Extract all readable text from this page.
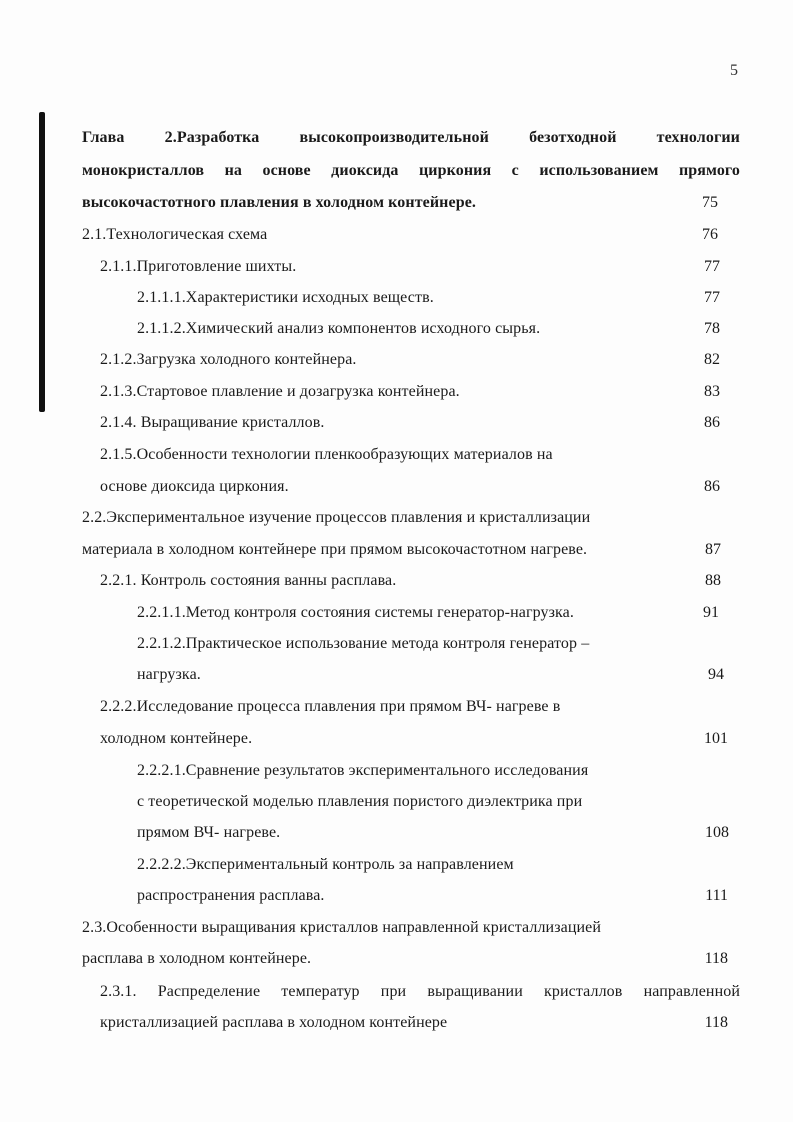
5
Глава 2.Разработка высокопроизводительной безотходной технологии
монокристаллов на основе диоксида циркония с использованием прямого
высокочастотного плавления в холодном контейнере.	75
2.1.Технологическая схема	76
2.1.1.Приготовление шихты.	77
2.1.1.1.Характеристики исходных веществ.	77
2.1.1.2.Химический анализ компонентов исходного сырья.	78
2.1.2.Загрузка холодного контейнера.	82
2.1.3.Стартовое плавление и дозагрузка контейнера.	83
2.1.4. Выращивание кристаллов.	86
2.1.5.Особенности технологии пленкообразующих материалов на
основе диоксида циркония.	86
2.2.Экспериментальное изучение процессов плавления и кристаллизации
материала в холодном контейнере при прямом высокочастотном нагреве.	87
2.2.1. Контроль состояния ванны расплава.	88
2.2.1.1.Метод контроля состояния системы генератор-нагрузка.	91
2.2.1.2.Практическое использование метода контроля генератор –
нагрузка.	94
2.2.2.Исследование процесса плавления при прямом ВЧ- нагреве в
холодном контейнере.	101
2.2.2.1.Сравнение результатов экспериментального исследования
с теоретической моделью плавления пористого диэлектрика при
прямом ВЧ- нагреве.	108
2.2.2.2.Экспериментальный контроль за направлением
распространения расплава.	111
2.3.Особенности выращивания кристаллов направленной кристаллизацией
расплава в холодном контейнере.	118
2.3.1. Распределение температур при выращивании кристаллов направленной
кристаллизацией расплава в холодном контейнере	118
